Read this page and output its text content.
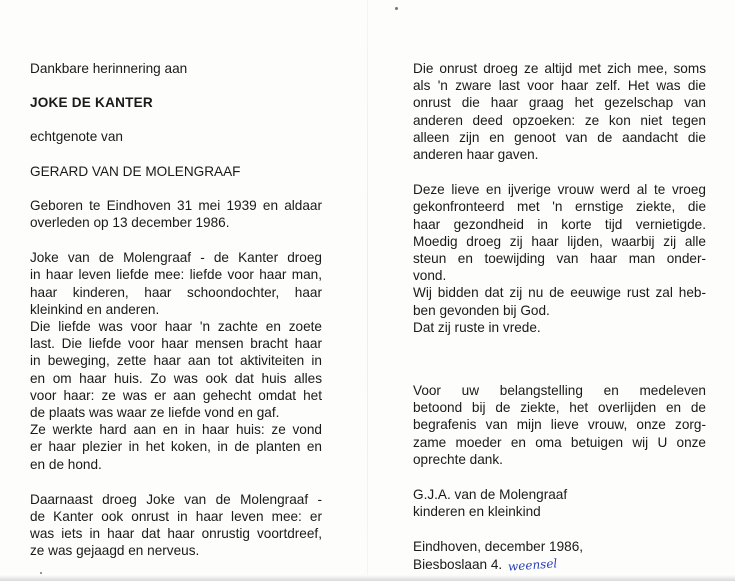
Dankbare herinnering aan
JOKE DE KANTER
echtgenote van
GERARD VAN DE MOLENGRAAF
Geboren te Eindhoven 31 mei 1939 en aldaar
overleden op 13 december 1986.
Joke van de Molengraaf - de Kanter droeg
in haar leven liefde mee: liefde voor haar man,
haar kinderen, haar schoondochter, haar
kleinkind en anderen.
Die liefde was voor haar 'n zachte en zoete
last. Die liefde voor haar mensen bracht haar
in beweging, zette haar aan tot aktiviteiten in
en om haar huis. Zo was ook dat huis alles
voor haar: ze was er aan gehecht omdat het
de plaats was waar ze liefde vond en gaf.
Ze werkte hard aan en in haar huis: ze vond
er haar plezier in het koken, in de planten en
en de hond.
Daarnaast droeg Joke van de Molengraaf -
de Kanter ook onrust in haar leven mee: er
was iets in haar dat haar onrustig voortdreef,
ze was gejaagd en nerveus.
Die onrust droeg ze altijd met zich mee, soms
als 'n zware last voor haar zelf. Het was die
onrust die haar graag het gezelschap van
anderen deed opzoeken: ze kon niet tegen
alleen zijn en genoot van de aandacht die
anderen haar gaven.
Deze lieve en ijverige vrouw werd al te vroeg
gekonfronteerd met 'n ernstige ziekte, die
haar gezondheid in korte tijd vernietigde.
Moedig droeg zij haar lijden, waarbij zij alle
steun en toewijding van haar man onder-
vond.
Wij bidden dat zij nu de eeuwige rust zal heb-
ben gevonden bij God.
Dat zij ruste in vrede.
Voor uw belangstelling en medeleven
betoond bij de ziekte, het overlijden en de
begrafenis van mijn lieve vrouw, onze zorg-
zame moeder en oma betuigen wij U onze
oprechte dank.
G.J.A. van de Molengraaf
kinderen en kleinkind
Eindhoven, december 1986,
Biesboslaan 4. weensel
